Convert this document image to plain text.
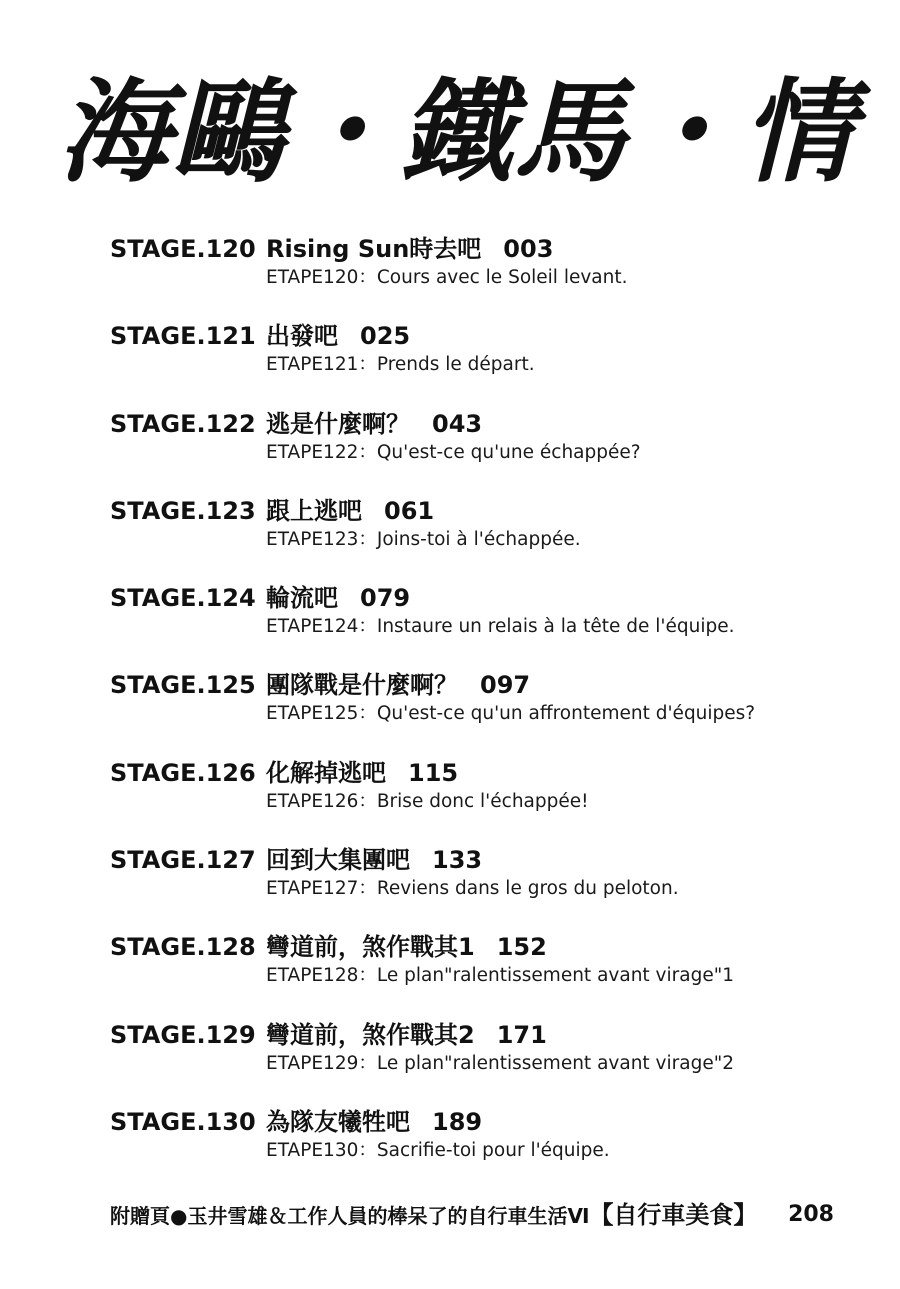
海鷗・鐵馬・情
STAGE.120 Rising Sun時去吧 003
ETAPE120：Cours avec le Soleil levant.
STAGE.121 出發吧 025
ETAPE121：Prends le départ.
STAGE.122 逃是什麼啊？ 043
ETAPE122：Qu'est-ce qu'une échappée?
STAGE.123 跟上逃吧 061
ETAPE123：Joins-toi à l'échappée.
STAGE.124 輪流吧 079
ETAPE124：Instaure un relais à la tête de l'équipe.
STAGE.125 團隊戰是什麼啊？ 097
ETAPE125：Qu'est-ce qu'un affrontement d'équipes?
STAGE.126 化解掉逃吧 115
ETAPE126：Brise donc l'échappée!
STAGE.127 回到大集團吧 133
ETAPE127：Reviens dans le gros du peloton.
STAGE.128 彎道前，煞作戰其1 152
ETAPE128：Le plan"ralentissement avant virage"1
STAGE.129 彎道前，煞作戰其2 171
ETAPE129：Le plan"ralentissement avant virage"2
STAGE.130 為隊友犧牲吧 189
ETAPE130：Sacrifie-toi pour l'équipe.
附贈頁●玉井雪雄＆工作人員的棒呆了的自行車生活Ⅵ【自行車美食】 208
